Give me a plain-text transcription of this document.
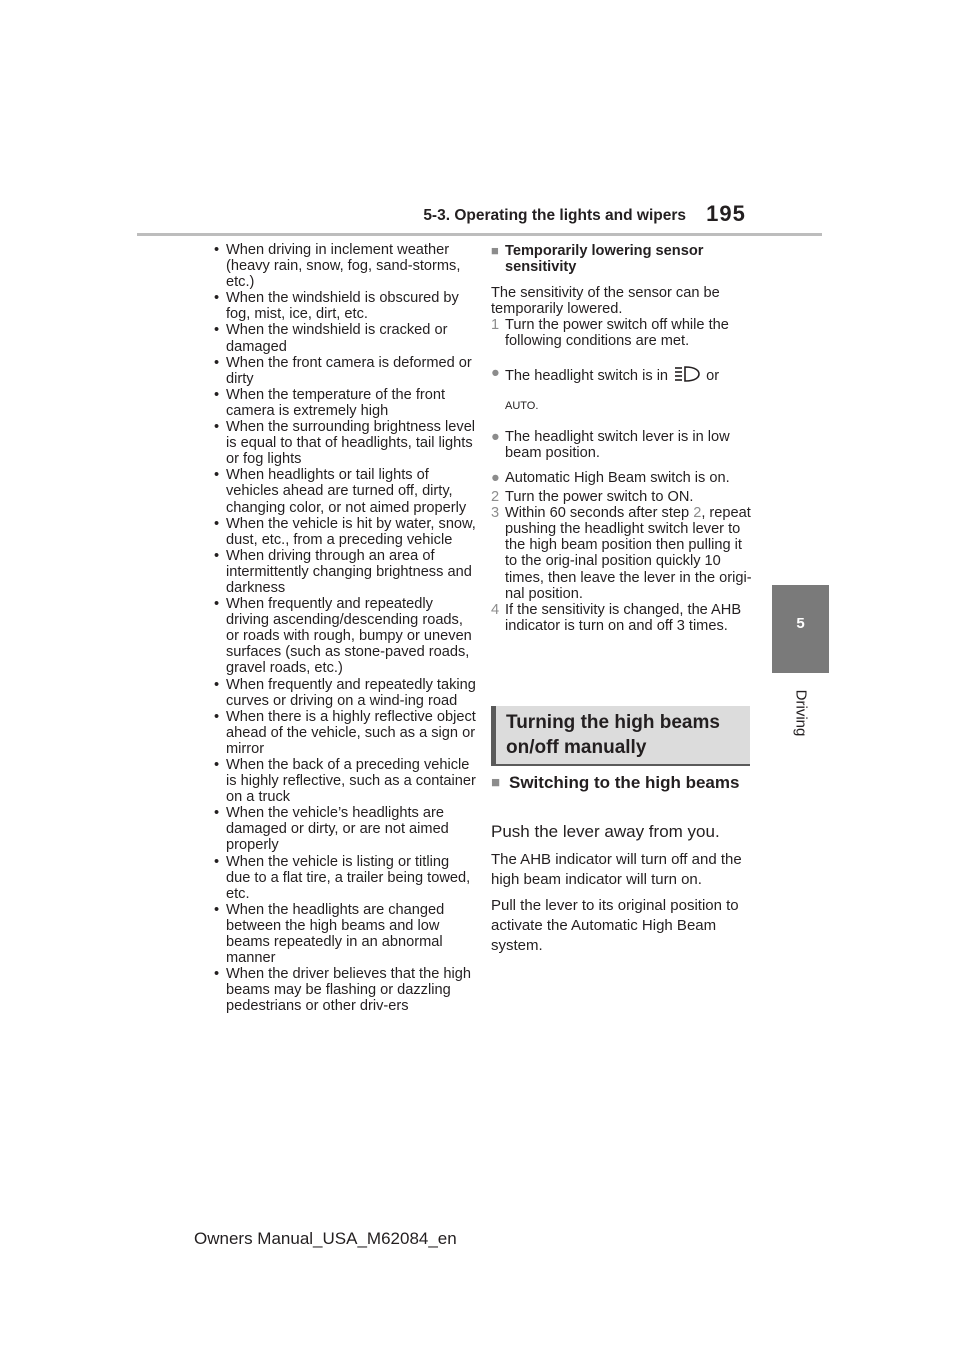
5-3. Operating the lights and wipers 195
5
Driving
• When driving in inclement weather (heavy rain, snow, fog, sand-storms, etc.)
• When the windshield is obscured by fog, mist, ice, dirt, etc.
• When the windshield is cracked or damaged
• When the front camera is deformed or dirty
• When the temperature of the front camera is extremely high
• When the surrounding brightness level is equal to that of headlights, tail lights or fog lights
• When headlights or tail lights of vehicles ahead are turned off, dirty, changing color, or not aimed properly
• When the vehicle is hit by water, snow, dust, etc., from a preceding vehicle
• When driving through an area of intermittently changing brightness and darkness
• When frequently and repeatedly driving ascending/descending roads, or roads with rough, bumpy or uneven surfaces (such as stone-paved roads, gravel roads, etc.)
• When frequently and repeatedly taking curves or driving on a wind-ing road
• When there is a highly reflective object ahead of the vehicle, such as a sign or mirror
• When the back of a preceding vehicle is highly reflective, such as a container on a truck
• When the vehicle’s headlights are damaged or dirty, or are not aimed properly
• When the vehicle is listing or titling due to a flat tire, a trailer being towed, etc.
• When the headlights are changed between the high beams and low beams repeatedly in an abnormal manner
• When the driver believes that the high beams may be flashing or dazzling pedestrians or other driv-ers
■ Temporarily lowering sensor sensitivity
The sensitivity of the sensor can be temporarily lowered.
1 Turn the power switch off while the following conditions are met.
● The headlight switch is in	or
AUTO.
● The headlight switch lever is in low beam position.
● Automatic High Beam switch is on.
2 Turn the power switch to ON.
3 Within 60 seconds after step 2, repeat pushing the headlight switch lever to the high beam position then pulling it to the orig-inal position quickly 10 times, then leave the lever in the origi-nal position.
4 If the sensitivity is changed, the AHB indicator is turn on and off 3 times.
Turning the high beams on/off manually
■ Switching to the high beams
Push the lever away from you.
The AHB indicator will turn off and the high beam indicator will turn on.
Pull the lever to its original position to activate the Automatic High Beam system.
Owners Manual_USA_M62084_en
